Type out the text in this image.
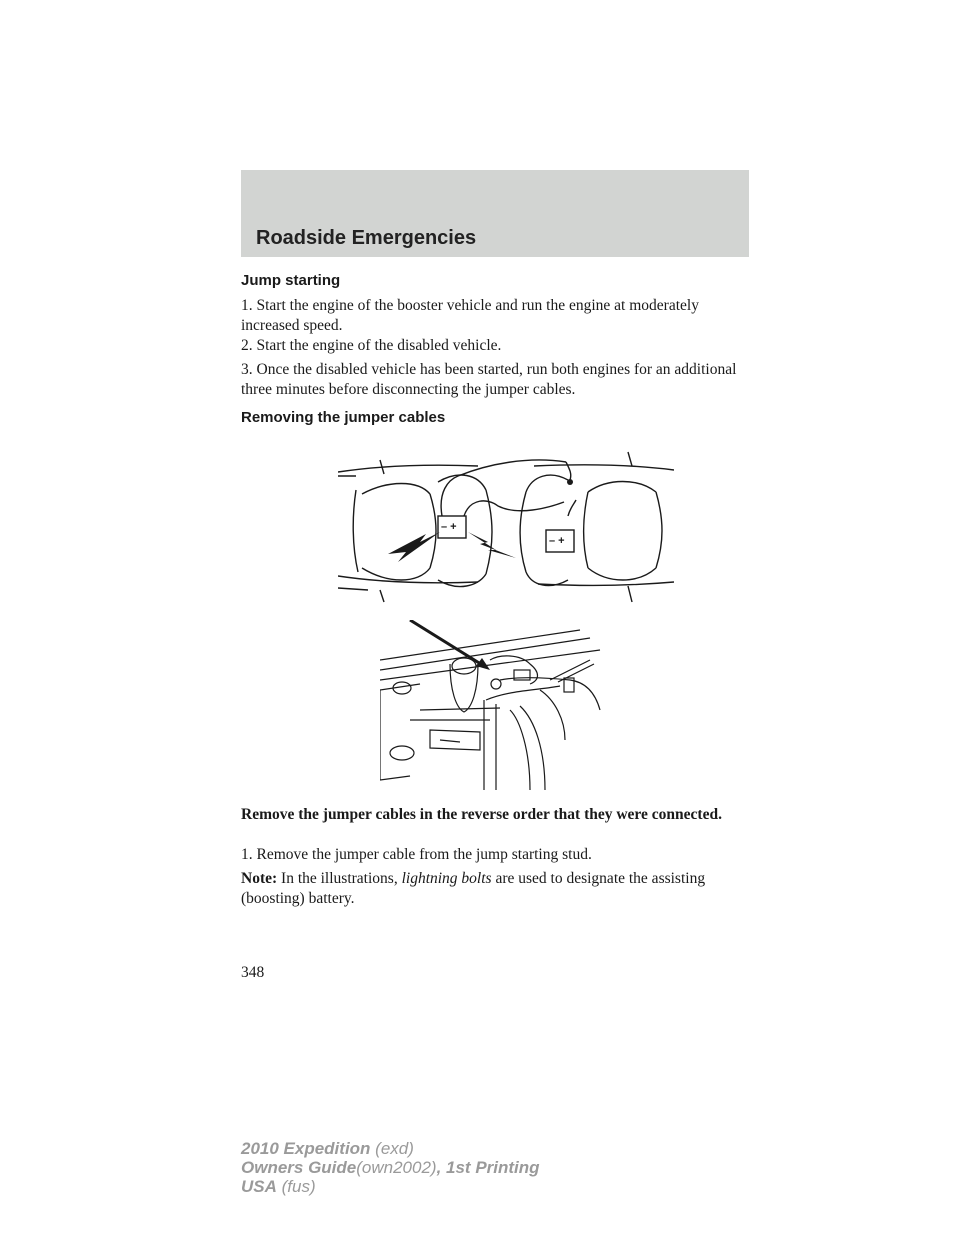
Roadside Emergencies
Jump starting
1. Start the engine of the booster vehicle and run the engine at moderately increased speed.
2. Start the engine of the disabled vehicle.
3. Once the disabled vehicle has been started, run both engines for an additional three minutes before disconnecting the jumper cables.
Removing the jumper cables
– +
– +
Remove the jumper cables in the reverse order that they were connected.
1. Remove the jumper cable from the jump starting stud.
Note: In the illustrations, lightning bolts are used to designate the assisting (boosting) battery.
348
2010 Expedition (exd)
Owners Guide(own2002), 1st Printing
USA (fus)
